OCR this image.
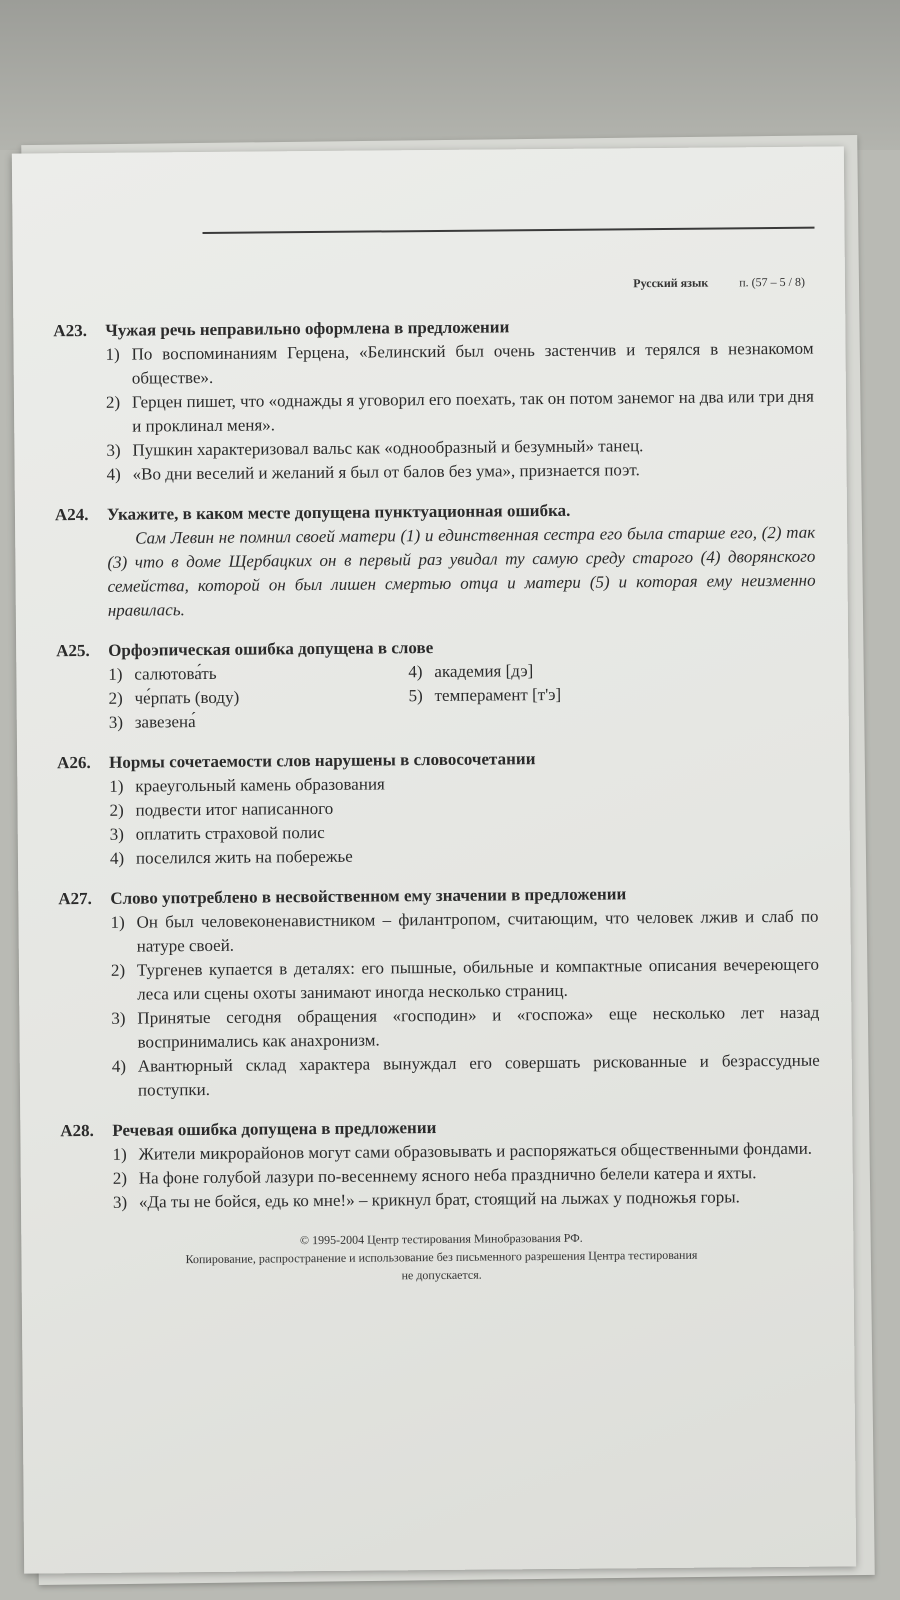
Русский язык	п. (57 – 5 / 8)
А23. Чужая речь неправильно оформлена в предложении
1) По воспоминаниям Герцена, «Белинский был очень застенчив и терялся в незнакомом обществе».
2) Герцен пишет, что «однажды я уговорил его поехать, так он потом занемог на два или три дня и проклинал меня».
3) Пушкин характеризовал вальс как «однообразный и безумный» танец.
4) «Во дни веселий и желаний я был от балов без ума», признается поэт.
А24. Укажите, в каком месте допущена пунктуационная ошибка.
Сам Левин не помнил своей матери (1) и единственная сестра его была старше его, (2) так (3) что в доме Щербацких он в первый раз увидал ту самую среду старого (4) дворянского семейства, которой он был лишен смертью отца и матери (5) и которая ему неизменно нравилась.
А25. Орфоэпическая ошибка допущена в слове
1) салютова́ть	4) академия [дэ]
2) че́рпать (воду)	5) темперамент [т'э]
3) завезена́
А26. Нормы сочетаемости слов нарушены в словосочетании
1) краеугольный камень образования
2) подвести итог написанного
3) оплатить страховой полис
4) поселился жить на побережье
А27. Слово употреблено в несвойственном ему значении в предложении
1) Он был человеконенавистником – филантропом, считающим, что человек лжив и слаб по натуре своей.
2) Тургенев купается в деталях: его пышные, обильные и компактные описания вечереющего леса или сцены охоты занимают иногда несколько страниц.
3) Принятые сегодня обращения «господин» и «госпожа» еще несколько лет назад воспринимались как анахронизм.
4) Авантюрный склад характера вынуждал его совершать рискованные и безрассудные поступки.
А28. Речевая ошибка допущена в предложении
1) Жители микрорайонов могут сами образовывать и распоряжаться общественными фондами.
2) На фоне голубой лазури по-весеннему ясного неба празднично белели катера и яхты.
3) «Да ты не бойся, едь ко мне!» – крикнул брат, стоящий на лыжах у подножья горы.
© 1995-2004 Центр тестирования Минобразования РФ.
Копирование, распространение и использование без письменного разрешения Центра тестирования
не допускается.
